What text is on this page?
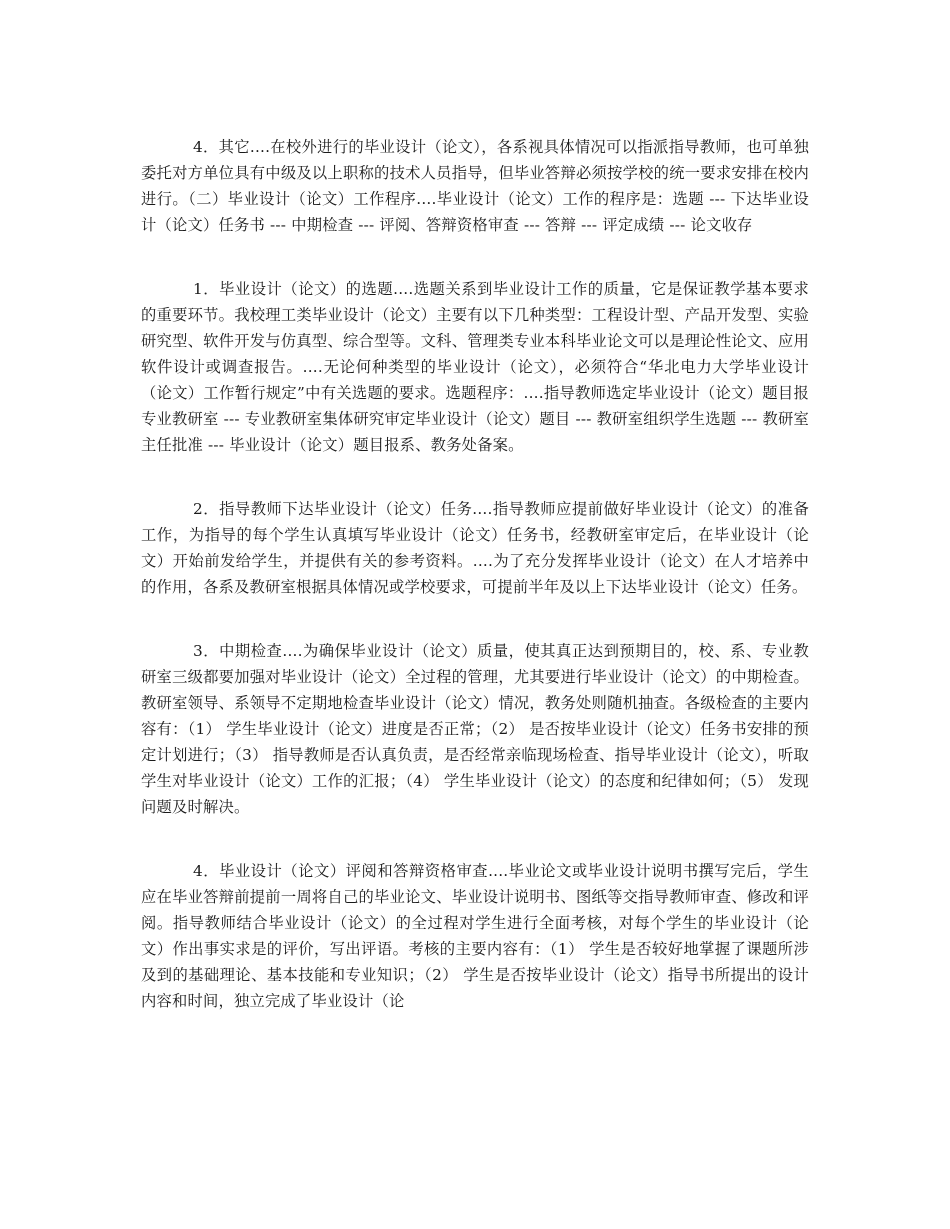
4．其它....在校外进行的毕业设计（论文），各系视具体情况可以指派指导教师，也可单独委托对方单位具有中级及以上职称的技术人员指导，但毕业答辩必须按学校的统一要求安排在校内进行。（二）毕业设计（论文）工作程序....毕业设计（论文）工作的程序是：选题 --- 下达毕业设计（论文）任务书 --- 中期检查 --- 评阅、答辩资格审查 --- 答辩 --- 评定成绩 --- 论文收存

1．毕业设计（论文）的选题....选题关系到毕业设计工作的质量，它是保证教学基本要求的重要环节。我校理工类毕业设计（论文）主要有以下几种类型：工程设计型、产品开发型、实验研究型、软件开发与仿真型、综合型等。文科、管理类专业本科毕业论文可以是理论性论文、应用软件设计或调查报告。....无论何种类型的毕业设计（论文），必须符合“华北电力大学毕业设计（论文）工作暂行规定”中有关选题的要求。选题程序：....指导教师选定毕业设计（论文）题目报专业教研室 --- 专业教研室集体研究审定毕业设计（论文）题目 --- 教研室组织学生选题 --- 教研室主任批准 --- 毕业设计（论文）题目报系、教务处备案。

2．指导教师下达毕业设计（论文）任务....指导教师应提前做好毕业设计（论文）的准备工作，为指导的每个学生认真填写毕业设计（论文）任务书，经教研室审定后，在毕业设计（论文）开始前发给学生，并提供有关的参考资料。....为了充分发挥毕业设计（论文）在人才培养中的作用，各系及教研室根据具体情况或学校要求，可提前半年及以上下达毕业设计（论文）任务。

3．中期检查....为确保毕业设计（论文）质量，使其真正达到预期目的，校、系、专业教研室三级都要加强对毕业设计（论文）全过程的管理，尤其要进行毕业设计（论文）的中期检查。教研室领导、系领导不定期地检查毕业设计（论文）情况，教务处则随机抽查。各级检查的主要内容有：（1） 学生毕业设计（论文）进度是否正常；（2） 是否按毕业设计（论文）任务书安排的预定计划进行；（3） 指导教师是否认真负责，是否经常亲临现场检查、指导毕业设计（论文），听取学生对毕业设计（论文）工作的汇报；（4） 学生毕业设计（论文）的态度和纪律如何；（5） 发现问题及时解决。

4．毕业设计（论文）评阅和答辩资格审查....毕业论文或毕业设计说明书撰写完后，学生应在毕业答辩前提前一周将自己的毕业论文、毕业设计说明书、图纸等交指导教师审查、修改和评阅。指导教师结合毕业设计（论文）的全过程对学生进行全面考核，对每个学生的毕业设计（论文）作出事实求是的评价，写出评语。考核的主要内容有：（1） 学生是否较好地掌握了课题所涉及到的基础理论、基本技能和专业知识；（2） 学生是否按毕业设计（论文）指导书所提出的设计内容和时间，独立完成了毕业设计（论
